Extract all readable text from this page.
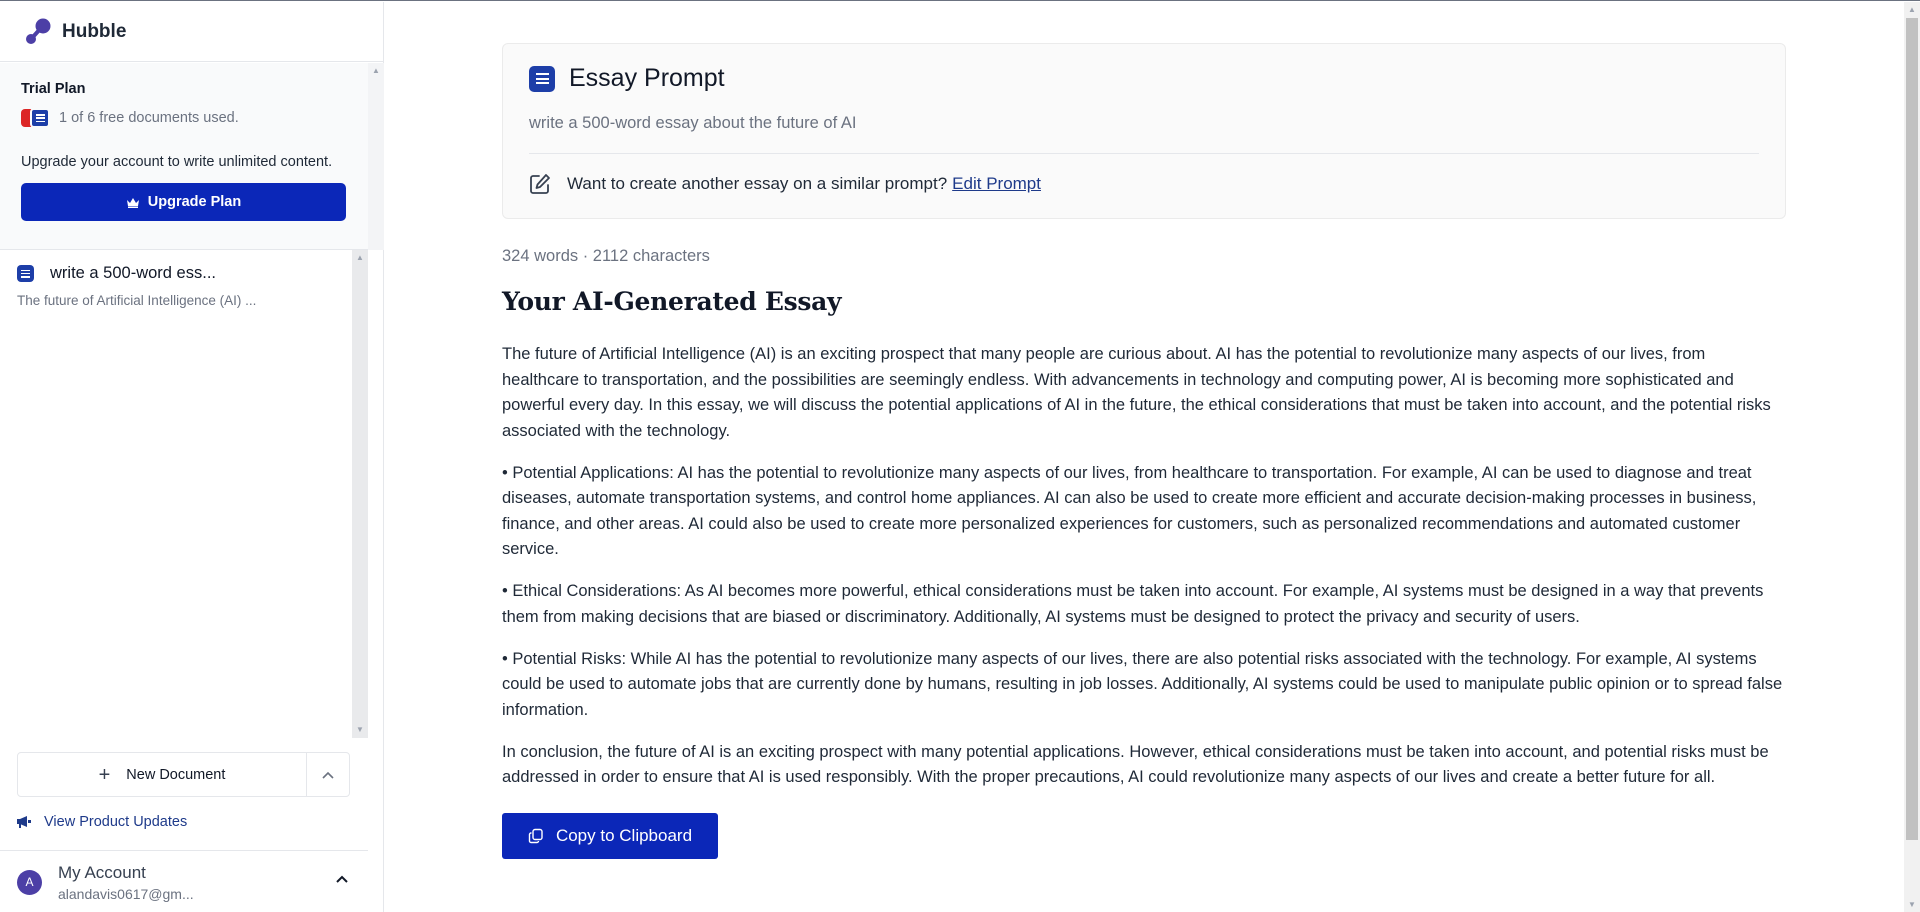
Hubble
Trial Plan
1 of 6 free documents used.
Upgrade your account to write unlimited content.
Upgrade Plan
▲
▲
▼
write a 500-word ess...
The future of Artificial Intelligence (AI) ...
+ New Document
View Product Updates
A
My Account
alandavis0617@gm...
Essay Prompt
write a 500-word essay about the future of AI
Want to create another essay on a similar prompt? Edit Prompt
324 words · 2112 characters
Your AI-Generated Essay

The future of Artificial Intelligence (AI) is an exciting prospect that many people are curious about. AI has the potential to revolutionize many aspects of our lives, from healthcare to transportation, and the possibilities are seemingly endless. With advancements in technology and computing power, AI is becoming more sophisticated and powerful every day. In this essay, we will discuss the potential applications of AI in the future, the ethical considerations that must be taken into account, and the potential risks associated with the technology.

• Potential Applications: AI has the potential to revolutionize many aspects of our lives, from healthcare to transportation. For example, AI can be used to diagnose and treat diseases, automate transportation systems, and control home appliances. AI can also be used to create more efficient and accurate decision-making processes in business, finance, and other areas. AI could also be used to create more personalized experiences for customers, such as personalized recommendations and automated customer service.

• Ethical Considerations: As AI becomes more powerful, ethical considerations must be taken into account. For example, AI systems must be designed in a way that prevents them from making decisions that are biased or discriminatory. Additionally, AI systems must be designed to protect the privacy and security of users.

• Potential Risks: While AI has the potential to revolutionize many aspects of our lives, there are also potential risks associated with the technology. For example, AI systems could be used to automate jobs that are currently done by humans, resulting in job losses. Additionally, AI systems could be used to manipulate public opinion or to spread false information.

In conclusion, the future of AI is an exciting prospect with many potential applications. However, ethical considerations must be taken into account, and potential risks must be addressed in order to ensure that AI is used responsibly. With the proper precautions, AI could revolutionize many aspects of our lives and create a better future for all.

Copy to Clipboard
▲
▼
